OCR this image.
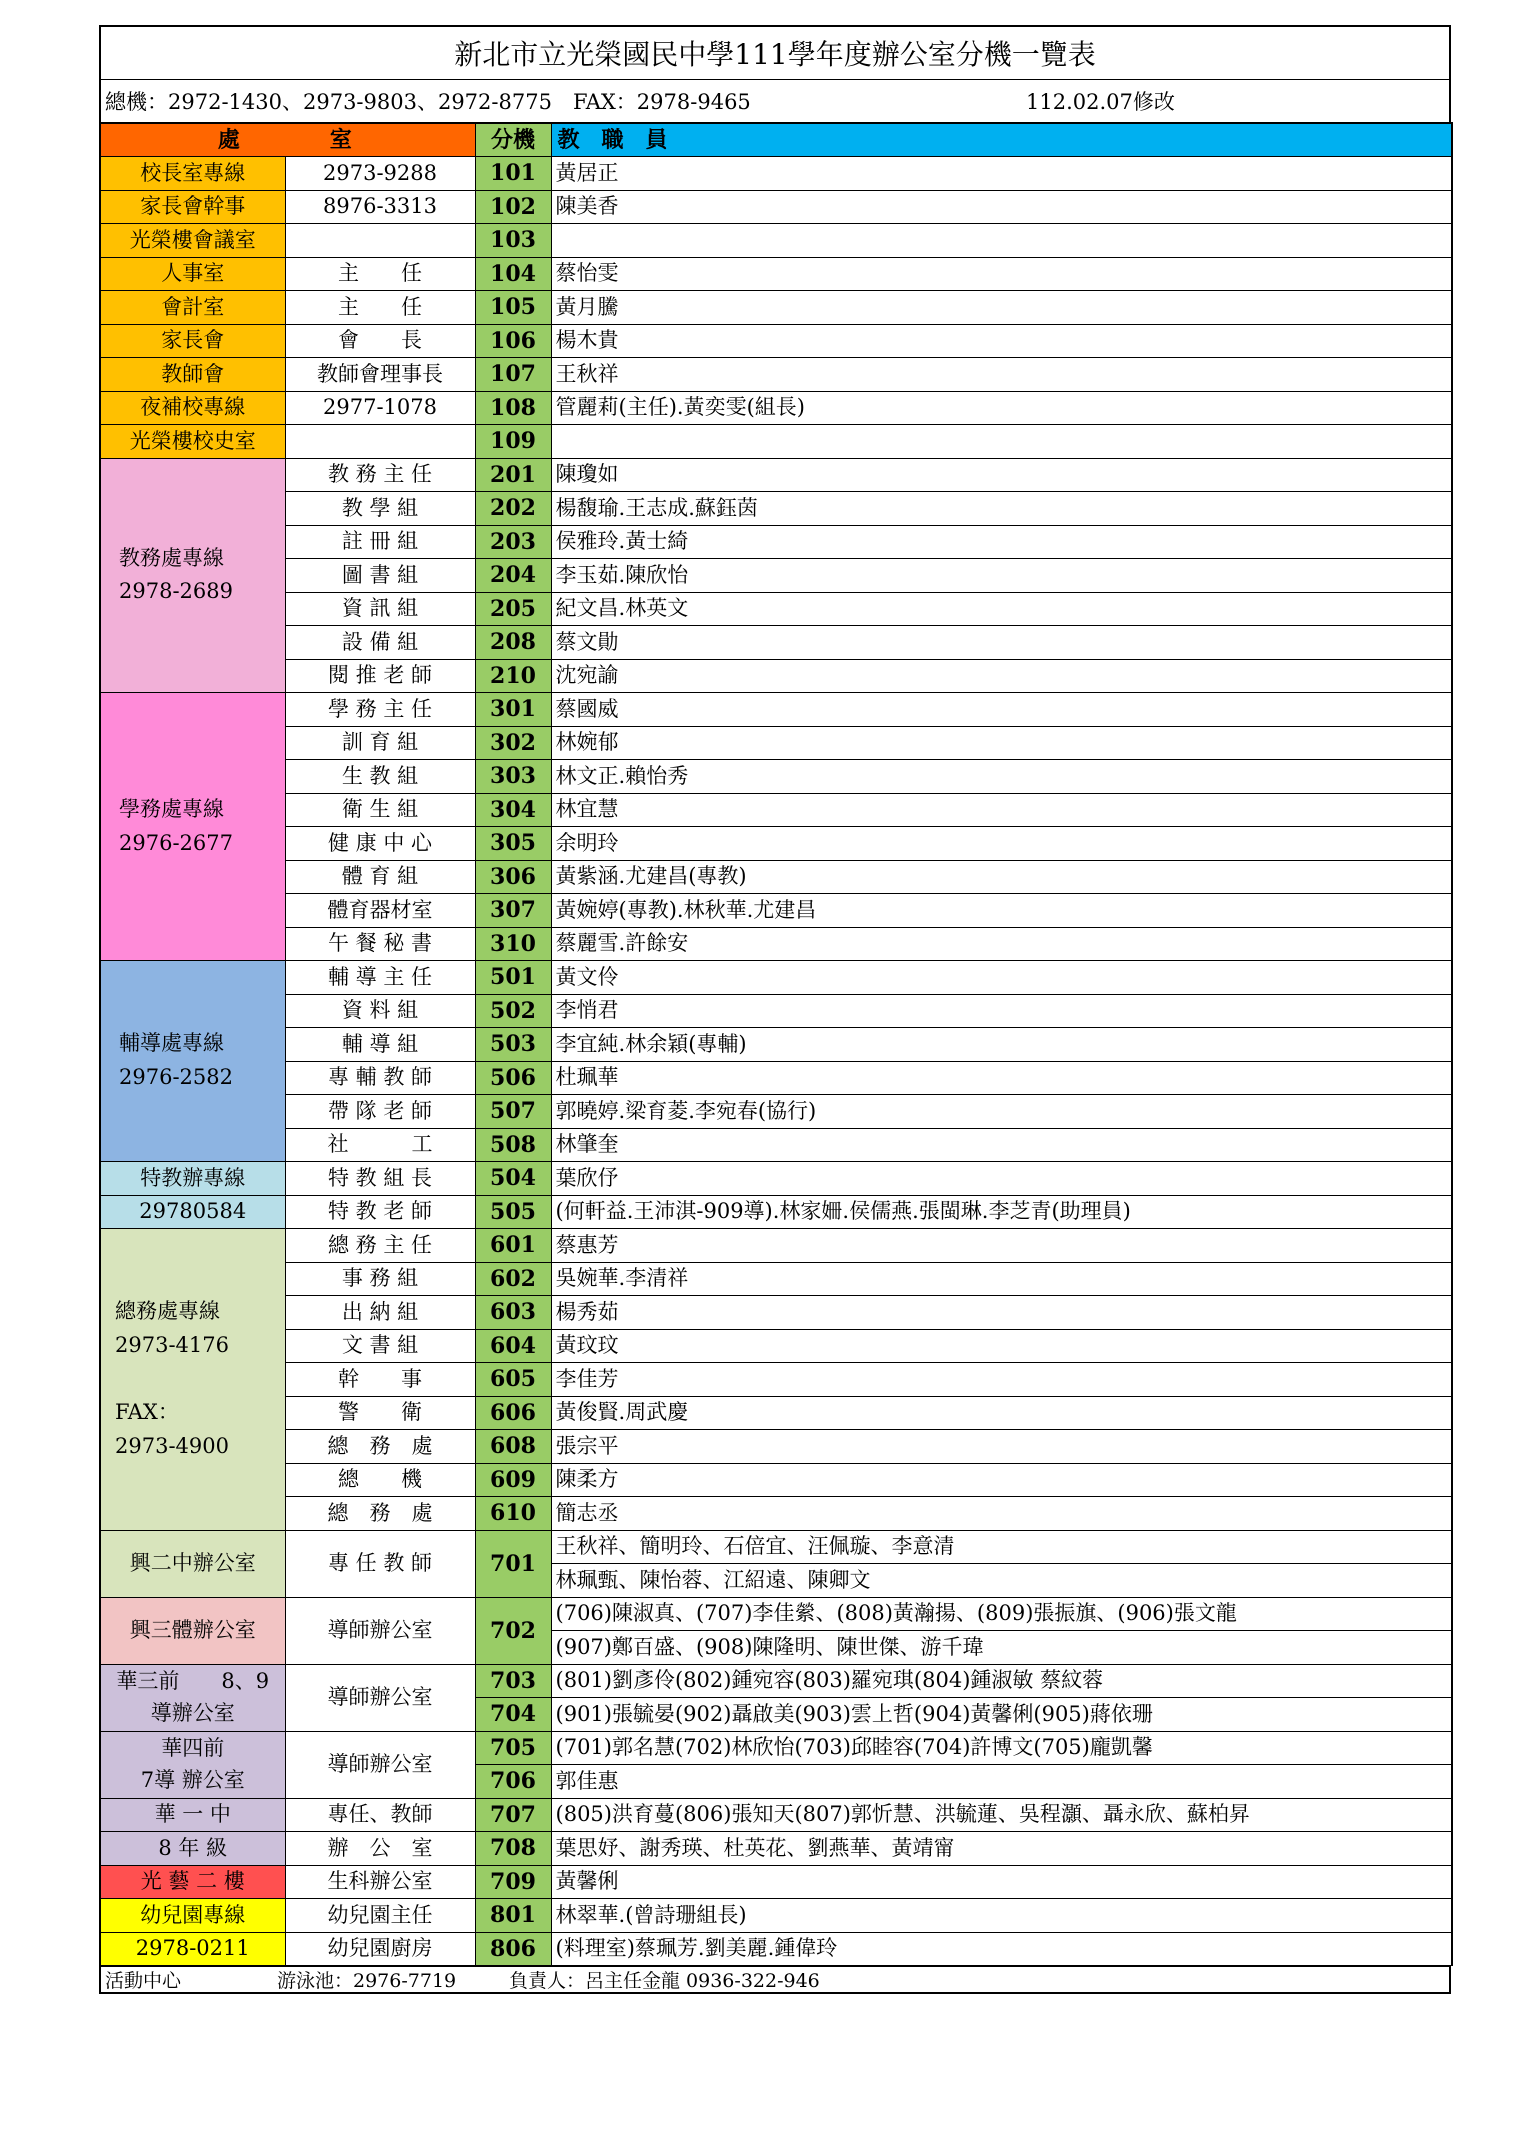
新北市立光榮國民中學111學年度辦公室分機一覽表
總機：2972-1430、2973-9803、2972-8775　FAX：2978-9465	112.02.07修改
處　　　室		分機	教　職　員
校長室專線	2973-9288	101	黃居正
家長會幹事	8976-3313	102	陳美香
光榮樓會議室		103	
人事室	主　　任	104	蔡怡雯
會計室	主　　任	105	黃月騰
家長會	會　　長	106	楊木貴
教師會	教師會理事長	107	王秋祥
夜補校專線	2977-1078	108	管麗莉(主任).黃奕雯(組長)
光榮樓校史室		109	
教務處專線
2978-2689	教 務 主 任	201	陳瓊如
	教 學 組	202	楊馥瑜.王志成.蘇鈺茵
	註 冊 組	203	侯雅玲.黃士綺
	圖 書 組	204	李玉茹.陳欣怡
	資 訊 組	205	紀文昌.林英文
	設 備 組	208	蔡文勛
	閱 推 老 師	210	沈宛諭
學務處專線
2976-2677	學 務 主 任	301	蔡國威
	訓 育 組	302	林婉郁
	生 教 組	303	林文正.賴怡秀
	衛 生 組	304	林宜慧
	健 康 中 心	305	余明玲
	體 育 組	306	黃紫涵.尤建昌(專教)
	體育器材室	307	黃婉婷(專教).林秋華.尤建昌
	午 餐 秘 書	310	蔡麗雪.許餘安
輔導處專線
2976-2582	輔 導 主 任	501	黃文伶
	資 料 組	502	李悄君
	輔 導 組	503	李宜純.林余穎(專輔)
	專 輔 教 師	506	杜珮華
	帶 隊 老 師	507	郭曉婷.梁育菱.李宛春(協行)
	社　　　工	508	林肇奎
特教辦專線	特 教 組 長	504	葉欣伃
29780584	特 教 老 師	505	(何軒益.王沛淇-909導).林家姍.侯儒燕.張閩琳.李芝青(助理員)
總務處專線
2973-4176

FAX：
2973-4900	總 務 主 任	601	蔡惠芳
	事 務 組	602	吳婉華.李清祥
	出 納 組	603	楊秀茹
	文 書 組	604	黃玟玟
	幹　　事	605	李佳芳
	警　　衛	606	黃俊賢.周武慶
	總　務　處	608	張宗平
	總　　機	609	陳柔方
	總　務　處	610	簡志丞
興二中辦公室	專 任 教 師	701	王秋祥、簡明玲、石倍宜、汪佩璇、李意清
			林珮甄、陳怡蓉、江紹遠、陳卿文
興三體辦公室	導師辦公室	702	(706)陳淑真、(707)李佳縈、(808)黃瀚揚、(809)張振旗、(906)張文龍
			(907)鄭百盛、(908)陳隆明、陳世傑、游千瑋
華三前　　8、9
導辦公室	導師辦公室	703	(801)劉彥伶(802)鍾宛容(803)羅宛琪(804)鍾淑敏 蔡紋蓉
		704	(901)張毓晏(902)聶啟美(903)雲上哲(904)黃馨俐(905)蔣依珊
華四前
7導 辦公室	導師辦公室	705	(701)郭名慧(702)林欣怡(703)邱睦容(704)許博文(705)龐凱馨
		706	郭佳惠
華 一 中	專任、教師	707	(805)洪育蔓(806)張知天(807)郭忻慧、洪毓蓮、吳程灝、聶永欣、蘇柏昇
8 年 級	辦　公　室	708	葉思妤、謝秀瑛、杜英花、劉燕華、黃靖甯
光 藝 二 樓	生科辦公室	709	黃馨俐
幼兒園專線	幼兒園主任	801	林翠華.(曾詩珊組長)
2978-0211	幼兒園廚房	806	(料理室)蔡珮芳.劉美麗.鍾偉玲
活動中心	游泳池：2976-7719	負責人：呂主任金龍 0936-322-946
